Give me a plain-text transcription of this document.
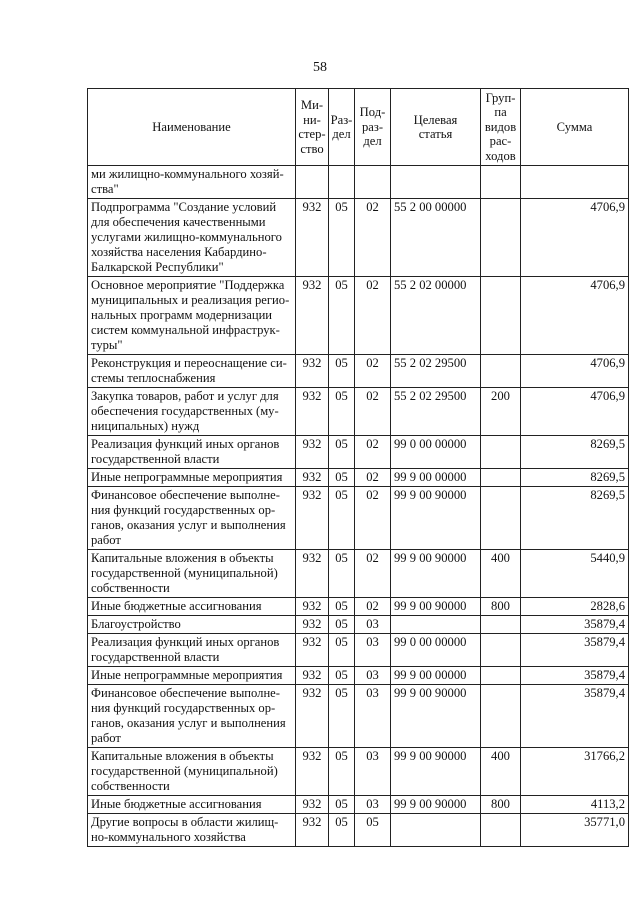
58
Наименование	Ми-
ни-
стер-
ство	Раз-
дел	Под-
раз-
дел	Целевая
статья	Груп-
па
видов
рас-
ходов	Сумма
ми жилищно-коммунального хозяй-
ства"						
Подпрограмма "Создание условий
для обеспечения качественными
услугами жилищно-коммунального
хозяйства населения Кабардино-
Балкарской Республики"	932	05	02	55 2 00 00000		4706,9
Основное мероприятие "Поддержка
муниципальных и реализация регио-
нальных программ модернизации
систем коммунальной инфраструк-
туры"	932	05	02	55 2 02 00000		4706,9
Реконструкция и переоснащение си-
стемы теплоснабжения	932	05	02	55 2 02 29500		4706,9
Закупка товаров, работ и услуг для
обеспечения государственных (му-
ниципальных) нужд	932	05	02	55 2 02 29500	200	4706,9
Реализация функций иных органов
государственной власти	932	05	02	99 0 00 00000		8269,5
Иные непрограммные мероприятия	932	05	02	99 9 00 00000		8269,5
Финансовое обеспечение выполне-
ния функций государственных ор-
ганов, оказания услуг и выполнения
работ	932	05	02	99 9 00 90000		8269,5
Капитальные вложения в объекты
государственной (муниципальной)
собственности	932	05	02	99 9 00 90000	400	5440,9
Иные бюджетные ассигнования	932	05	02	99 9 00 90000	800	2828,6
Благоустройство	932	05	03			35879,4
Реализация функций иных органов
государственной власти	932	05	03	99 0 00 00000		35879,4
Иные непрограммные мероприятия	932	05	03	99 9 00 00000		35879,4
Финансовое обеспечение выполне-
ния функций государственных ор-
ганов, оказания услуг и выполнения
работ	932	05	03	99 9 00 90000		35879,4
Капитальные вложения в объекты
государственной (муниципальной)
собственности	932	05	03	99 9 00 90000	400	31766,2
Иные бюджетные ассигнования	932	05	03	99 9 00 90000	800	4113,2
Другие вопросы в области жилищ-
но-коммунального хозяйства	932	05	05			35771,0
